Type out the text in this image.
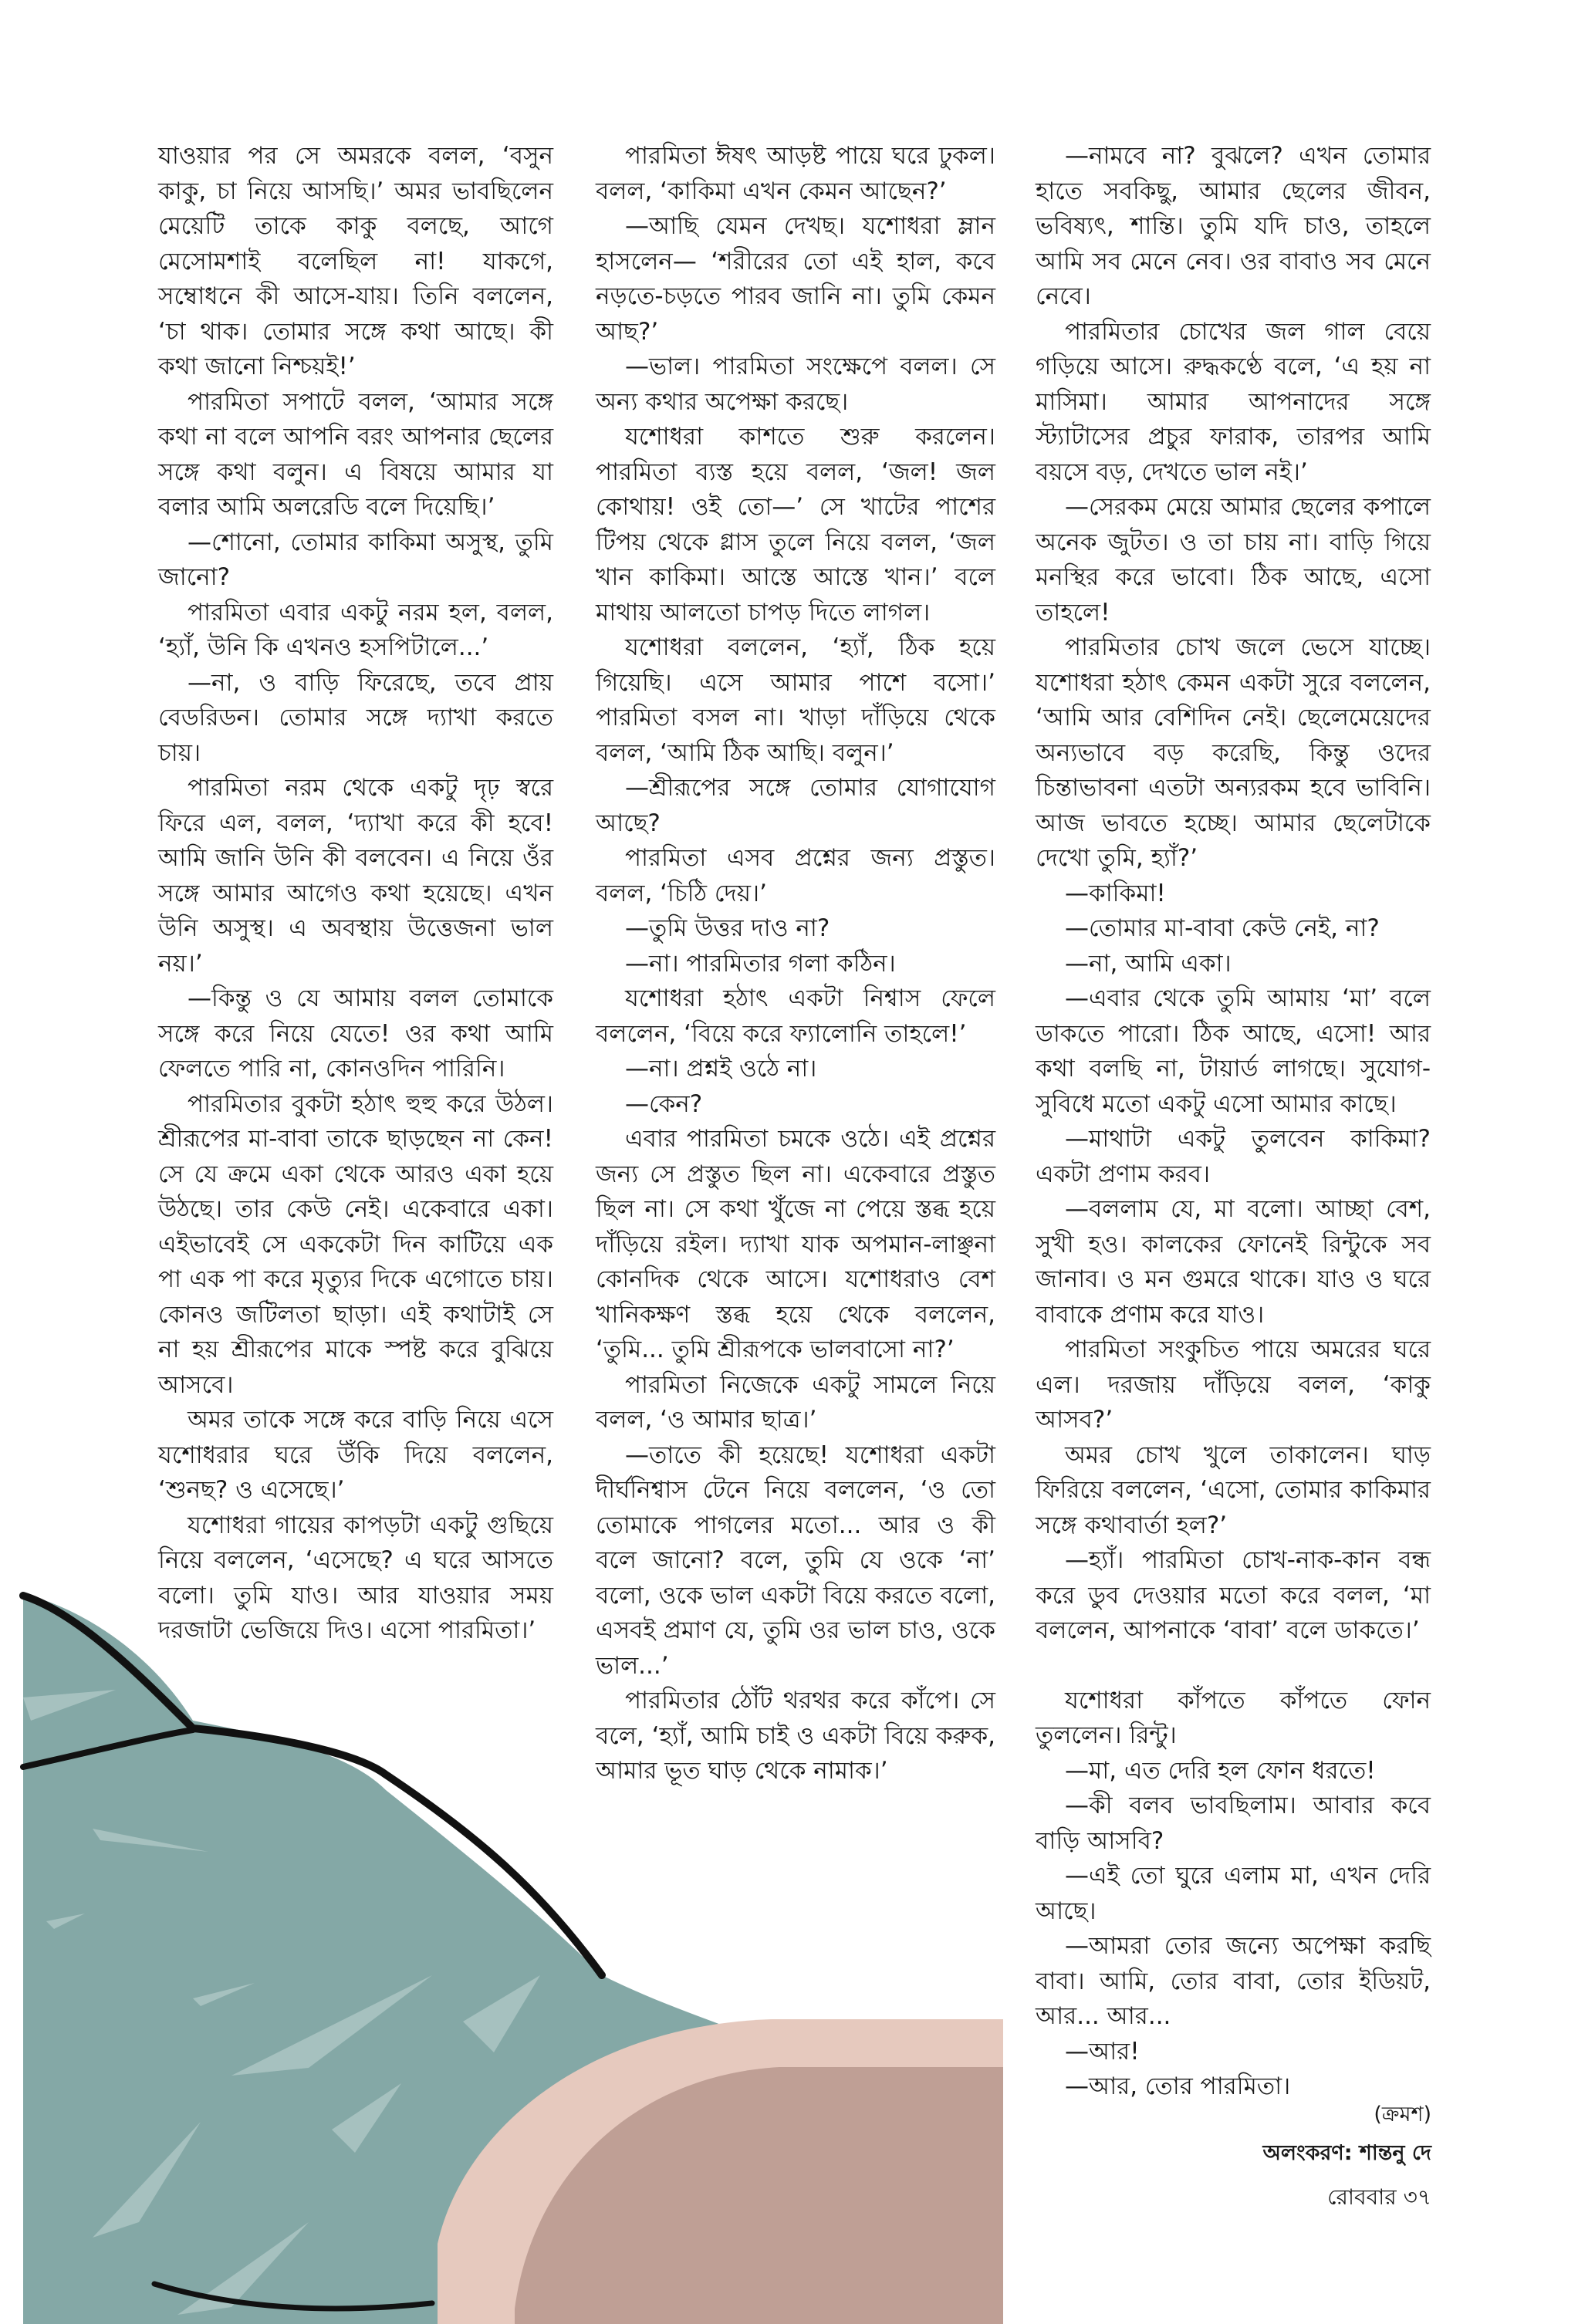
যাওয়ার পর সে অমরকে বলল, ‘বসুন কাকু, চা নিয়ে আসছি।’ অমর ভাবছিলেন মেয়েটি তাকে কাকু বলছে, আগে মেসোমশাই বলেছিল না! যাকগে, সম্বোধনে কী আসে-যায়। তিনি বললেন, ‘চা থাক। তোমার সঙ্গে কথা আছে। কী কথা জানো নিশ্চয়ই!’

পারমিতা সপাটে বলল, ‘আমার সঙ্গে কথা না বলে আপনি বরং আপনার ছেলের সঙ্গে কথা বলুন। এ বিষয়ে আমার যা বলার আমি অলরেডি বলে দিয়েছি।’

—শোনো, তোমার কাকিমা অসুস্থ, তুমি জানো?

পারমিতা এবার একটু নরম হল, বলল, ‘হ্যাঁ, উনি কি এখনও হসপিটালে...’

—না, ও বাড়ি ফিরেছে, তবে প্রায় বেডরিডন। তোমার সঙ্গে দ্যাখা করতে চায়।

পারমিতা নরম থেকে একটু দৃঢ় স্বরে ফিরে এল, বলল, ‘দ্যাখা করে কী হবে! আমি জানি উনি কী বলবেন। এ নিয়ে ওঁর সঙ্গে আমার আগেও কথা হয়েছে। এখন উনি অসুস্থ। এ অবস্থায় উত্তেজনা ভাল নয়।’

—কিন্তু ও যে আমায় বলল তোমাকে সঙ্গে করে নিয়ে যেতে! ওর কথা আমি ফেলতে পারি না, কোনওদিন পারিনি।

পারমিতার বুকটা হঠাৎ হুহু করে উঠল। শ্রীরূপের মা-বাবা তাকে ছাড়ছেন না কেন! সে যে ক্রমে একা থেকে আরও একা হয়ে উঠছে। তার কেউ নেই। একেবারে একা। এইভাবেই সে এককেটা দিন কাটিয়ে এক পা এক পা করে মৃত্যুর দিকে এগোতে চায়। কোনও জটিলতা ছাড়া। এই কথাটাই সে না হয় শ্রীরূপের মাকে স্পষ্ট করে বুঝিয়ে আসবে।

অমর তাকে সঙ্গে করে বাড়ি নিয়ে এসে যশোধরার ঘরে উঁকি দিয়ে বললেন, ‘শুনছ? ও এসেছে।’

যশোধরা গায়ের কাপড়টা একটু গুছিয়ে নিয়ে বললেন, ‘এসেছে? এ ঘরে আসতে বলো। তুমি যাও। আর যাওয়ার সময় দরজাটা ভেজিয়ে দিও। এসো পারমিতা।’

পারমিতা ঈষৎ আড়ষ্ট পায়ে ঘরে ঢুকল। বলল, ‘কাকিমা এখন কেমন আছেন?’

—আছি যেমন দেখছ। যশোধরা ম্লান হাসলেন— ‘শরীরের তো এই হাল, কবে নড়তে-চড়তে পারব জানি না। তুমি কেমন আছ?’

—ভাল। পারমিতা সংক্ষেপে বলল। সে অন্য কথার অপেক্ষা করছে।

যশোধরা কাশতে শুরু করলেন। পারমিতা ব্যস্ত হয়ে বলল, ‘জল! জল কোথায়! ওই তো—’ সে খাটের পাশের টিপয় থেকে গ্লাস তুলে নিয়ে বলল, ‘জল খান কাকিমা। আস্তে আস্তে খান।’ বলে মাথায় আলতো চাপড় দিতে লাগল।

যশোধরা বললেন, ‘হ্যাঁ, ঠিক হয়ে গিয়েছি। এসে আমার পাশে বসো।’ পারমিতা বসল না। খাড়া দাঁড়িয়ে থেকে বলল, ‘আমি ঠিক আছি। বলুন।’

—শ্রীরূপের সঙ্গে তোমার যোগাযোগ আছে?

পারমিতা এসব প্রশ্নের জন্য প্রস্তুত। বলল, ‘চিঠি দেয়।’

—তুমি উত্তর দাও না?

—না। পারমিতার গলা কঠিন।

যশোধরা হঠাৎ একটা নিশ্বাস ফেলে বললেন, ‘বিয়ে করে ফ্যালোনি তাহলে!’

—না। প্রশ্নই ওঠে না।

—কেন?

এবার পারমিতা চমকে ওঠে। এই প্রশ্নের জন্য সে প্রস্তুত ছিল না। একেবারে প্রস্তুত ছিল না। সে কথা খুঁজে না পেয়ে স্তব্ধ হয়ে দাঁড়িয়ে রইল। দ্যাখা যাক অপমান-লাঞ্ছনা কোনদিক থেকে আসে। যশোধরাও বেশ খানিকক্ষণ স্তব্ধ হয়ে থেকে বললেন, ‘তুমি... তুমি শ্রীরূপকে ভালবাসো না?’

পারমিতা নিজেকে একটু সামলে নিয়ে বলল, ‘ও আমার ছাত্র।’

—তাতে কী হয়েছে! যশোধরা একটা দীর্ঘনিশ্বাস টেনে নিয়ে বললেন, ‘ও তো তোমাকে পাগলের মতো... আর ও কী বলে জানো? বলে, তুমি যে ওকে ‘না’ বলো, ওকে ভাল একটা বিয়ে করতে বলো, এসবই প্রমাণ যে, তুমি ওর ভাল চাও, ওকে ভাল...’

পারমিতার ঠোঁট থরথর করে কাঁপে। সে বলে, ‘হ্যাঁ, আমি চাই ও একটা বিয়ে করুক, আমার ভূত ঘাড় থেকে নামাক।’

—নামবে না? বুঝলে? এখন তোমার হাতে সবকিছু, আমার ছেলের জীবন, ভবিষ্যৎ, শান্তি। তুমি যদি চাও, তাহলে আমি সব মেনে নেব। ওর বাবাও সব মেনে নেবে।

পারমিতার চোখের জল গাল বেয়ে গড়িয়ে আসে। রুদ্ধকণ্ঠে বলে, ‘এ হয় না মাসিমা। আমার আপনাদের সঙ্গে স্ট্যাটাসের প্রচুর ফারাক, তারপর আমি বয়সে বড়, দেখতে ভাল নই।’

—সেরকম মেয়ে আমার ছেলের কপালে অনেক জুটত। ও তা চায় না। বাড়ি গিয়ে মনস্থির করে ভাবো। ঠিক আছে, এসো তাহলে!

পারমিতার চোখ জলে ভেসে যাচ্ছে। যশোধরা হঠাৎ কেমন একটা সুরে বললেন, ‘আমি আর বেশিদিন নেই। ছেলেমেয়েদের অন্যভাবে বড় করেছি, কিন্তু ওদের চিন্তাভাবনা এতটা অন্যরকম হবে ভাবিনি। আজ ভাবতে হচ্ছে। আমার ছেলেটাকে দেখো তুমি, হ্যাঁ?’

—কাকিমা!

—তোমার মা-বাবা কেউ নেই, না?

—না, আমি একা।

—এবার থেকে তুমি আমায় ‘মা’ বলে ডাকতে পারো। ঠিক আছে, এসো! আর কথা বলছি না, টায়ার্ড লাগছে। সুযোগ-সুবিধে মতো একটু এসো আমার কাছে।

—মাথাটা একটু তুলবেন কাকিমা? একটা প্রণাম করব।

—বললাম যে, মা বলো। আচ্ছা বেশ, সুখী হও। কালকের ফোনেই রিন্টুকে সব জানাব। ও মন গুমরে থাকে। যাও ও ঘরে বাবাকে প্রণাম করে যাও।

পারমিতা সংকুচিত পায়ে অমরের ঘরে এল। দরজায় দাঁড়িয়ে বলল, ‘কাকু আসব?’

অমর চোখ খুলে তাকালেন। ঘাড় ফিরিয়ে বললেন, ‘এসো, তোমার কাকিমার সঙ্গে কথাবার্তা হল?’

—হ্যাঁ। পারমিতা চোখ-নাক-কান বন্ধ করে ডুব দেওয়ার মতো করে বলল, ‘মা বললেন, আপনাকে ‘বাবা’ বলে ডাকতে।’

যশোধরা কাঁপতে কাঁপতে ফোন তুললেন। রিন্টু।

—মা, এত দেরি হল ফোন ধরতে!

—কী বলব ভাবছিলাম। আবার কবে বাড়ি আসবি?

—এই তো ঘুরে এলাম মা, এখন দেরি আছে।

—আমরা তোর জন্যে অপেক্ষা করছি বাবা। আমি, তোর বাবা, তোর ইডিয়ট, আর... আর...

—আর!

—আর, তোর পারমিতা।

(ক্রমশ)
অলংকরণ: শান্তনু দে
রোববার ৩৭
